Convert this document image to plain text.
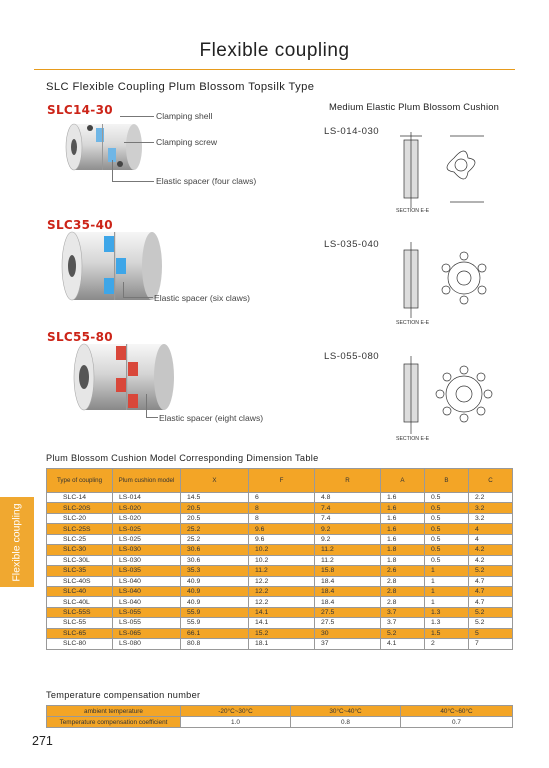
Flexible coupling
SLC Flexible Coupling Plum Blossom Topsilk Type
Flexible coupling
SLC14-30	Clamping shell
Clamping screw
Elastic spacer (four claws)
SLC35-40
Elastic spacer (six claws)
SLC55-80
Elastic spacer (eight claws)
Medium Elastic Plum Blossom Cushion
LS-014-030
SECTION E-E
LS-035-040
SECTION E-E
LS-055-080
SECTION E-E
Plum Blossom Cushion Model Corresponding Dimension Table
Type of coupling	Plum cushion model	X	F	R	A	B	C
SLC-14	LS-014	14.5	6	4.8	1.6	0.5	2.2
SLC-20S	LS-020	20.5	8	7.4	1.6	0.5	3.2
SLC-20	LS-020	20.5	8	7.4	1.6	0.5	3.2
SLC-25S	LS-025	25.2	9.6	9.2	1.6	0.5	4
SLC-25	LS-025	25.2	9.6	9.2	1.6	0.5	4
SLC-30	LS-030	30.6	10.2	11.2	1.8	0.5	4.2
SLC-30L	LS-030	30.6	10.2	11.2	1.8	0.5	4.2
SLC-35	LS-035	35.3	11.2	15.8	2.6	1	5.2
SLC-40S	LS-040	40.9	12.2	18.4	2.8	1	4.7
SLC-40	LS-040	40.9	12.2	18.4	2.8	1	4.7
SLC-40L	LS-040	40.9	12.2	18.4	2.8	1	4.7
SLC-55S	LS-055	55.9	14.1	27.5	3.7	1.3	5.2
SLC-55	LS-055	55.9	14.1	27.5	3.7	1.3	5.2
SLC-65	LS-065	66.1	15.2	30	5.2	1.5	5
SLC-80	LS-080	80.8	18.1	37	4.1	2	7
Temperature compensation number
ambient temperature	-20°C~30°C	30°C~40°C	40°C~60°C
Temperature compensation coefficient	1.0	0.8	0.7
271
